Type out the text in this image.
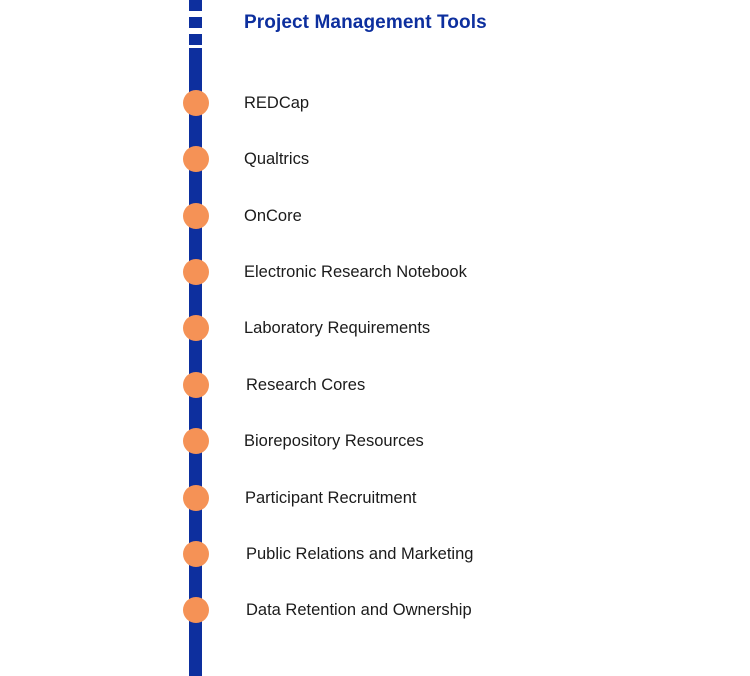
Project Management Tools
REDCap
Qualtrics
OnCore
Electronic Research Notebook
Laboratory Requirements
Research Cores
Biorepository Resources
Participant Recruitment
Public Relations and Marketing
Data Retention and Ownership
